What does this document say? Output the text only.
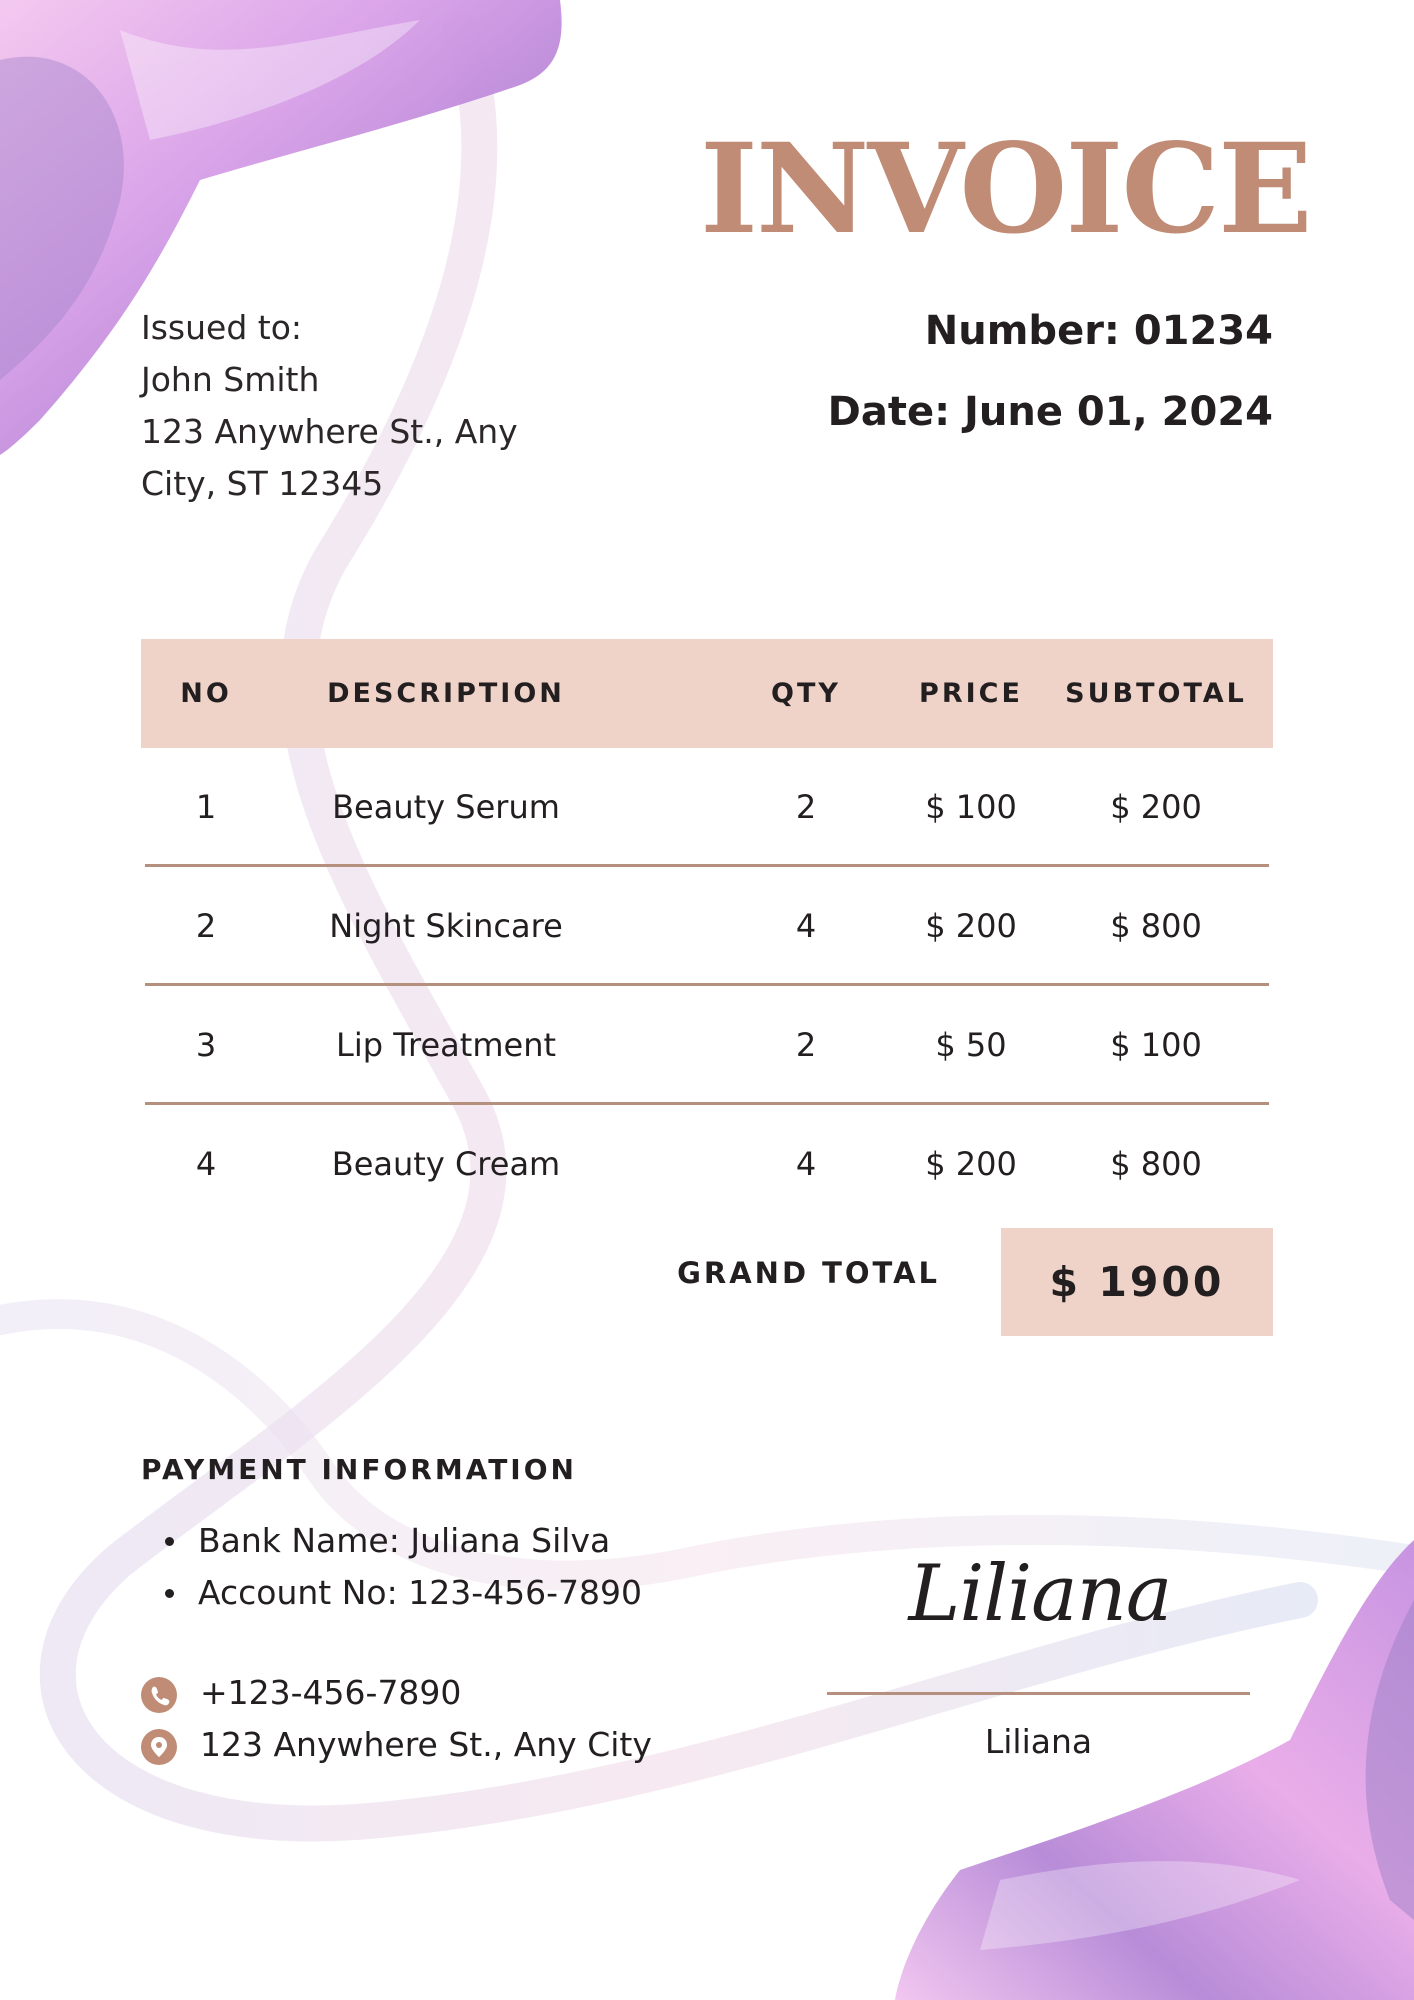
INVOICE
Issued to:
John Smith
123 Anywhere St., Any
City, ST 12345
Number: 01234
Date: June 01, 2024
NO	DESCRIPTION	QTY	PRICE	SUBTOTAL
1	Beauty Serum	2	$ 100	$ 200
2	Night Skincare	4	$ 200	$ 800
3	Lip Treatment	2	$ 50	$ 100
4	Beauty Cream	4	$ 200	$ 800
GRAND TOTAL	$ 1900
PAYMENT INFORMATION
Bank Name: Juliana Silva
Account No: 123-456-7890
+123-456-7890
123 Anywhere St., Any City
Liliana
Liliana
